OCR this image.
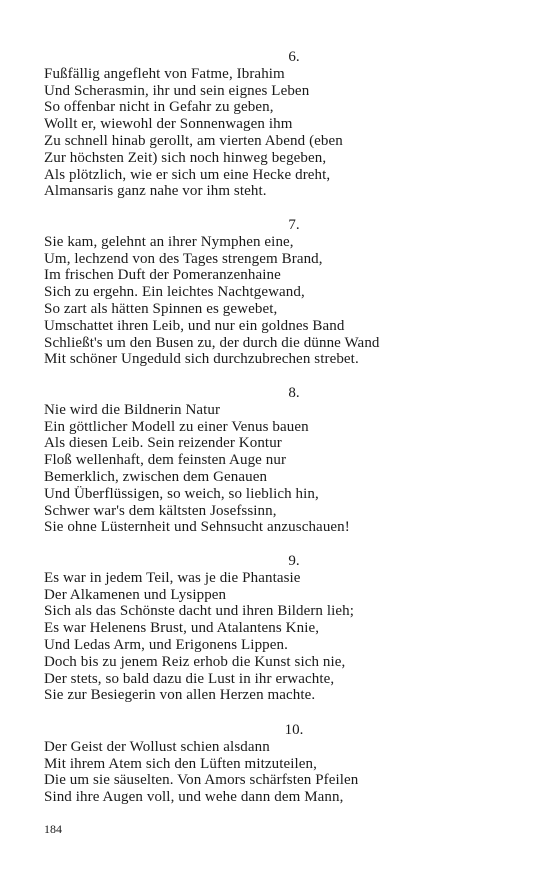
6.

Fußfällig angefleht von Fatme, Ibrahim

Und Scherasmin, ihr und sein eignes Leben

So offenbar nicht in Gefahr zu geben,

Wollt er, wiewohl der Sonnenwagen ihm

Zu schnell hinab gerollt, am vierten Abend (eben

Zur höchsten Zeit) sich noch hinweg begeben,

Als plötzlich, wie er sich um eine Hecke dreht,

Almansaris ganz nahe vor ihm steht.

7.

Sie kam, gelehnt an ihrer Nymphen eine,

Um, lechzend von des Tages strengem Brand,

Im frischen Duft der Pomeranzenhaine

Sich zu ergehn. Ein leichtes Nachtgewand,

So zart als hätten Spinnen es gewebet,

Umschattet ihren Leib, und nur ein goldnes Band

Schließt's um den Busen zu, der durch die dünne Wand

Mit schöner Ungeduld sich durchzubrechen strebet.

8.

Nie wird die Bildnerin Natur

Ein göttlicher Modell zu einer Venus bauen

Als diesen Leib. Sein reizender Kontur

Floß wellenhaft, dem feinsten Auge nur

Bemerklich, zwischen dem Genauen

Und Überflüssigen, so weich, so lieblich hin,

Schwer war's dem kältsten Josefssinn,

Sie ohne Lüsternheit und Sehnsucht anzuschauen!

9.

Es war in jedem Teil, was je die Phantasie

Der Alkamenen und Lysippen

Sich als das Schönste dacht und ihren Bildern lieh;

Es war Helenens Brust, und Atalantens Knie,

Und Ledas Arm, und Erigonens Lippen.

Doch bis zu jenem Reiz erhob die Kunst sich nie,

Der stets, so bald dazu die Lust in ihr erwachte,

Sie zur Besiegerin von allen Herzen machte.

10.

Der Geist der Wollust schien alsdann

Mit ihrem Atem sich den Lüften mitzuteilen,

Die um sie säuselten. Von Amors schärfsten Pfeilen

Sind ihre Augen voll, und wehe dann dem Mann,

184
